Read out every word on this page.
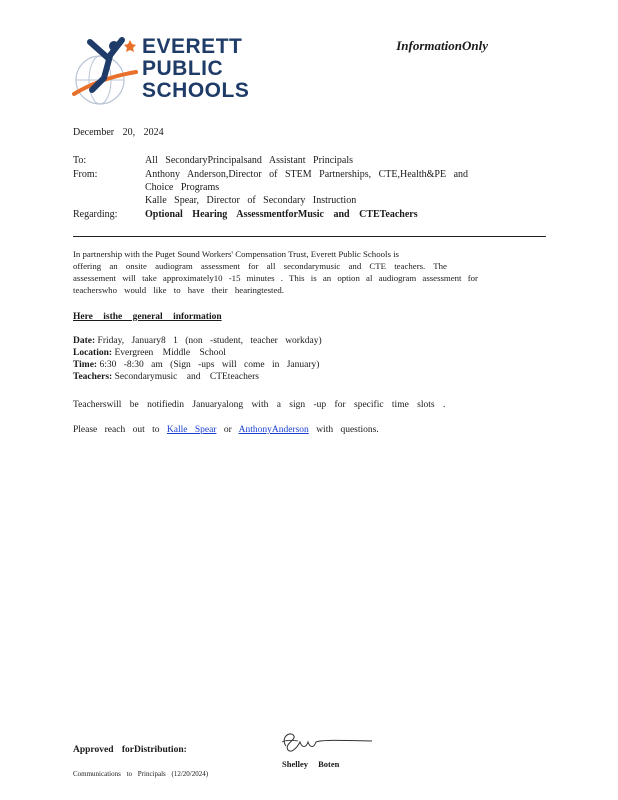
EVERETT
PUBLIC
SCHOOLS
InformationOnly
December 20, 2024
To:	All SecondaryPrincipalsand Assistant Principals
From:	Anthony Anderson,Director of STEM Partnerships, CTE,Health&PE and
Choice Programs
Kalle Spear, Director of Secondary Instruction
Regarding:	Optional Hearing AssessmentforMusic and CTETeachers
In partnership with the Puget Sound Workers' Compensation Trust, Everett Public Schools is
offering an onsite audiogram assessment for all secondarymusic and CTE teachers. The
assessement will take approximately10 -15 minutes . This is an option al audiogram assessment for
teacherswho would like to have their hearingtested.
Here isthe general information
Date: Friday, January8 1 (non -student, teacher workday)
Location: Evergreen Middle School
Time: 6:30 -8:30 am (Sign -ups will come in January)
Teachers: Secondarymusic and CTEteachers
Teacherswill be notifiedin Januaryalong with a sign -up for specific time slots .
Please reach out to Kalle Spear or AnthonyAnderson with questions.
Approved forDistribution:
Shelley Boten
Communications to Principals (12/20/2024)
